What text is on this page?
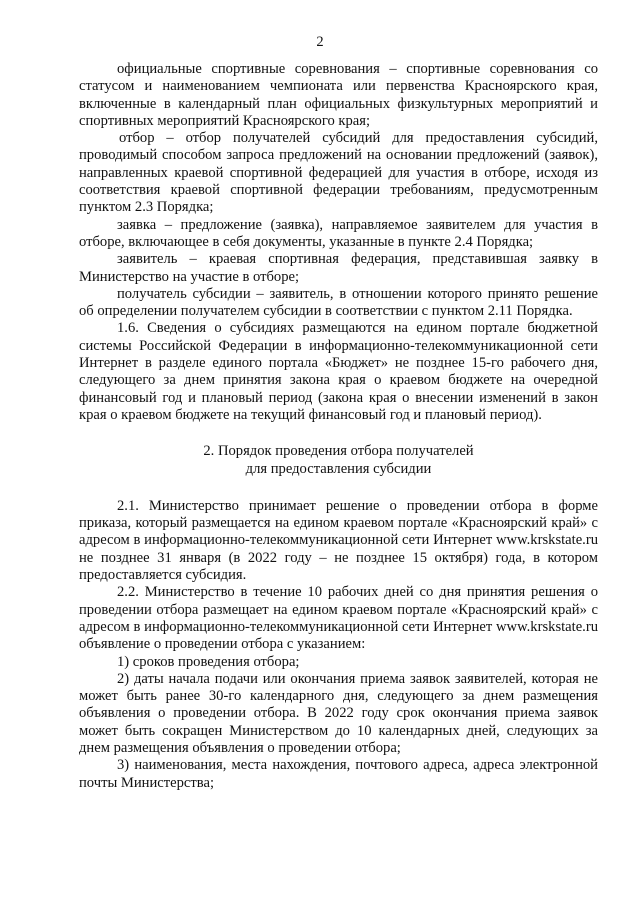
2

официальные спортивные соревнования – спортивные соревнования со статусом и наименованием чемпионата или первенства Красноярского края, включенные в календарный план официальных физкультурных мероприятий и спортивных мероприятий Красноярского края;

отбор – отбор получателей субсидий для предоставления субсидий, проводимый способом запроса предложений на основании предложений (заявок), направленных краевой спортивной федерацией для участия в отборе, исходя из соответствия краевой спортивной федерации требованиям, предусмотренным пунктом 2.3 Порядка;

заявка – предложение (заявка), направляемое заявителем для участия в отборе, включающее в себя документы, указанные в пункте 2.4 Порядка;

заявитель – краевая спортивная федерация, представившая заявку в Министерство на участие в отборе;

получатель субсидии – заявитель, в отношении которого принято решение об определении получателем субсидии в соответствии с пунктом 2.11 Порядка.

1.6. Сведения о субсидиях размещаются на едином портале бюджетной системы Российской Федерации в информационно-телекоммуникационной сети Интернет в разделе единого портала «Бюджет» не позднее 15-го рабочего дня, следующего за днем принятия закона края о краевом бюджете на очередной финансовый год и плановый период (закона края о внесении изменений в закон края о краевом бюджете на текущий финансовый год и плановый период).

2. Порядок проведения отбора получателей
для предоставления субсидии

2.1. Министерство принимает решение о проведении отбора в форме приказа, который размещается на едином краевом портале «Красноярский край» с адресом в информационно-телекоммуникационной сети Интернет www.krskstate.ru не позднее 31 января (в 2022 году – не позднее 15 октября) года, в котором предоставляется субсидия.

2.2. Министерство в течение 10 рабочих дней со дня принятия решения о проведении отбора размещает на едином краевом портале «Красноярский край» с адресом в информационно-телекоммуникационной сети Интернет www.krskstate.ru объявление о проведении отбора с указанием:

1) сроков проведения отбора;

2) даты начала подачи или окончания приема заявок заявителей, которая не может быть ранее 30-го календарного дня, следующего за днем размещения объявления о проведении отбора. В 2022 году срок окончания приема заявок может быть сокращен Министерством до 10 календарных дней, следующих за днем размещения объявления о проведении отбора;

3) наименования, места нахождения, почтового адреса, адреса электронной почты Министерства;
